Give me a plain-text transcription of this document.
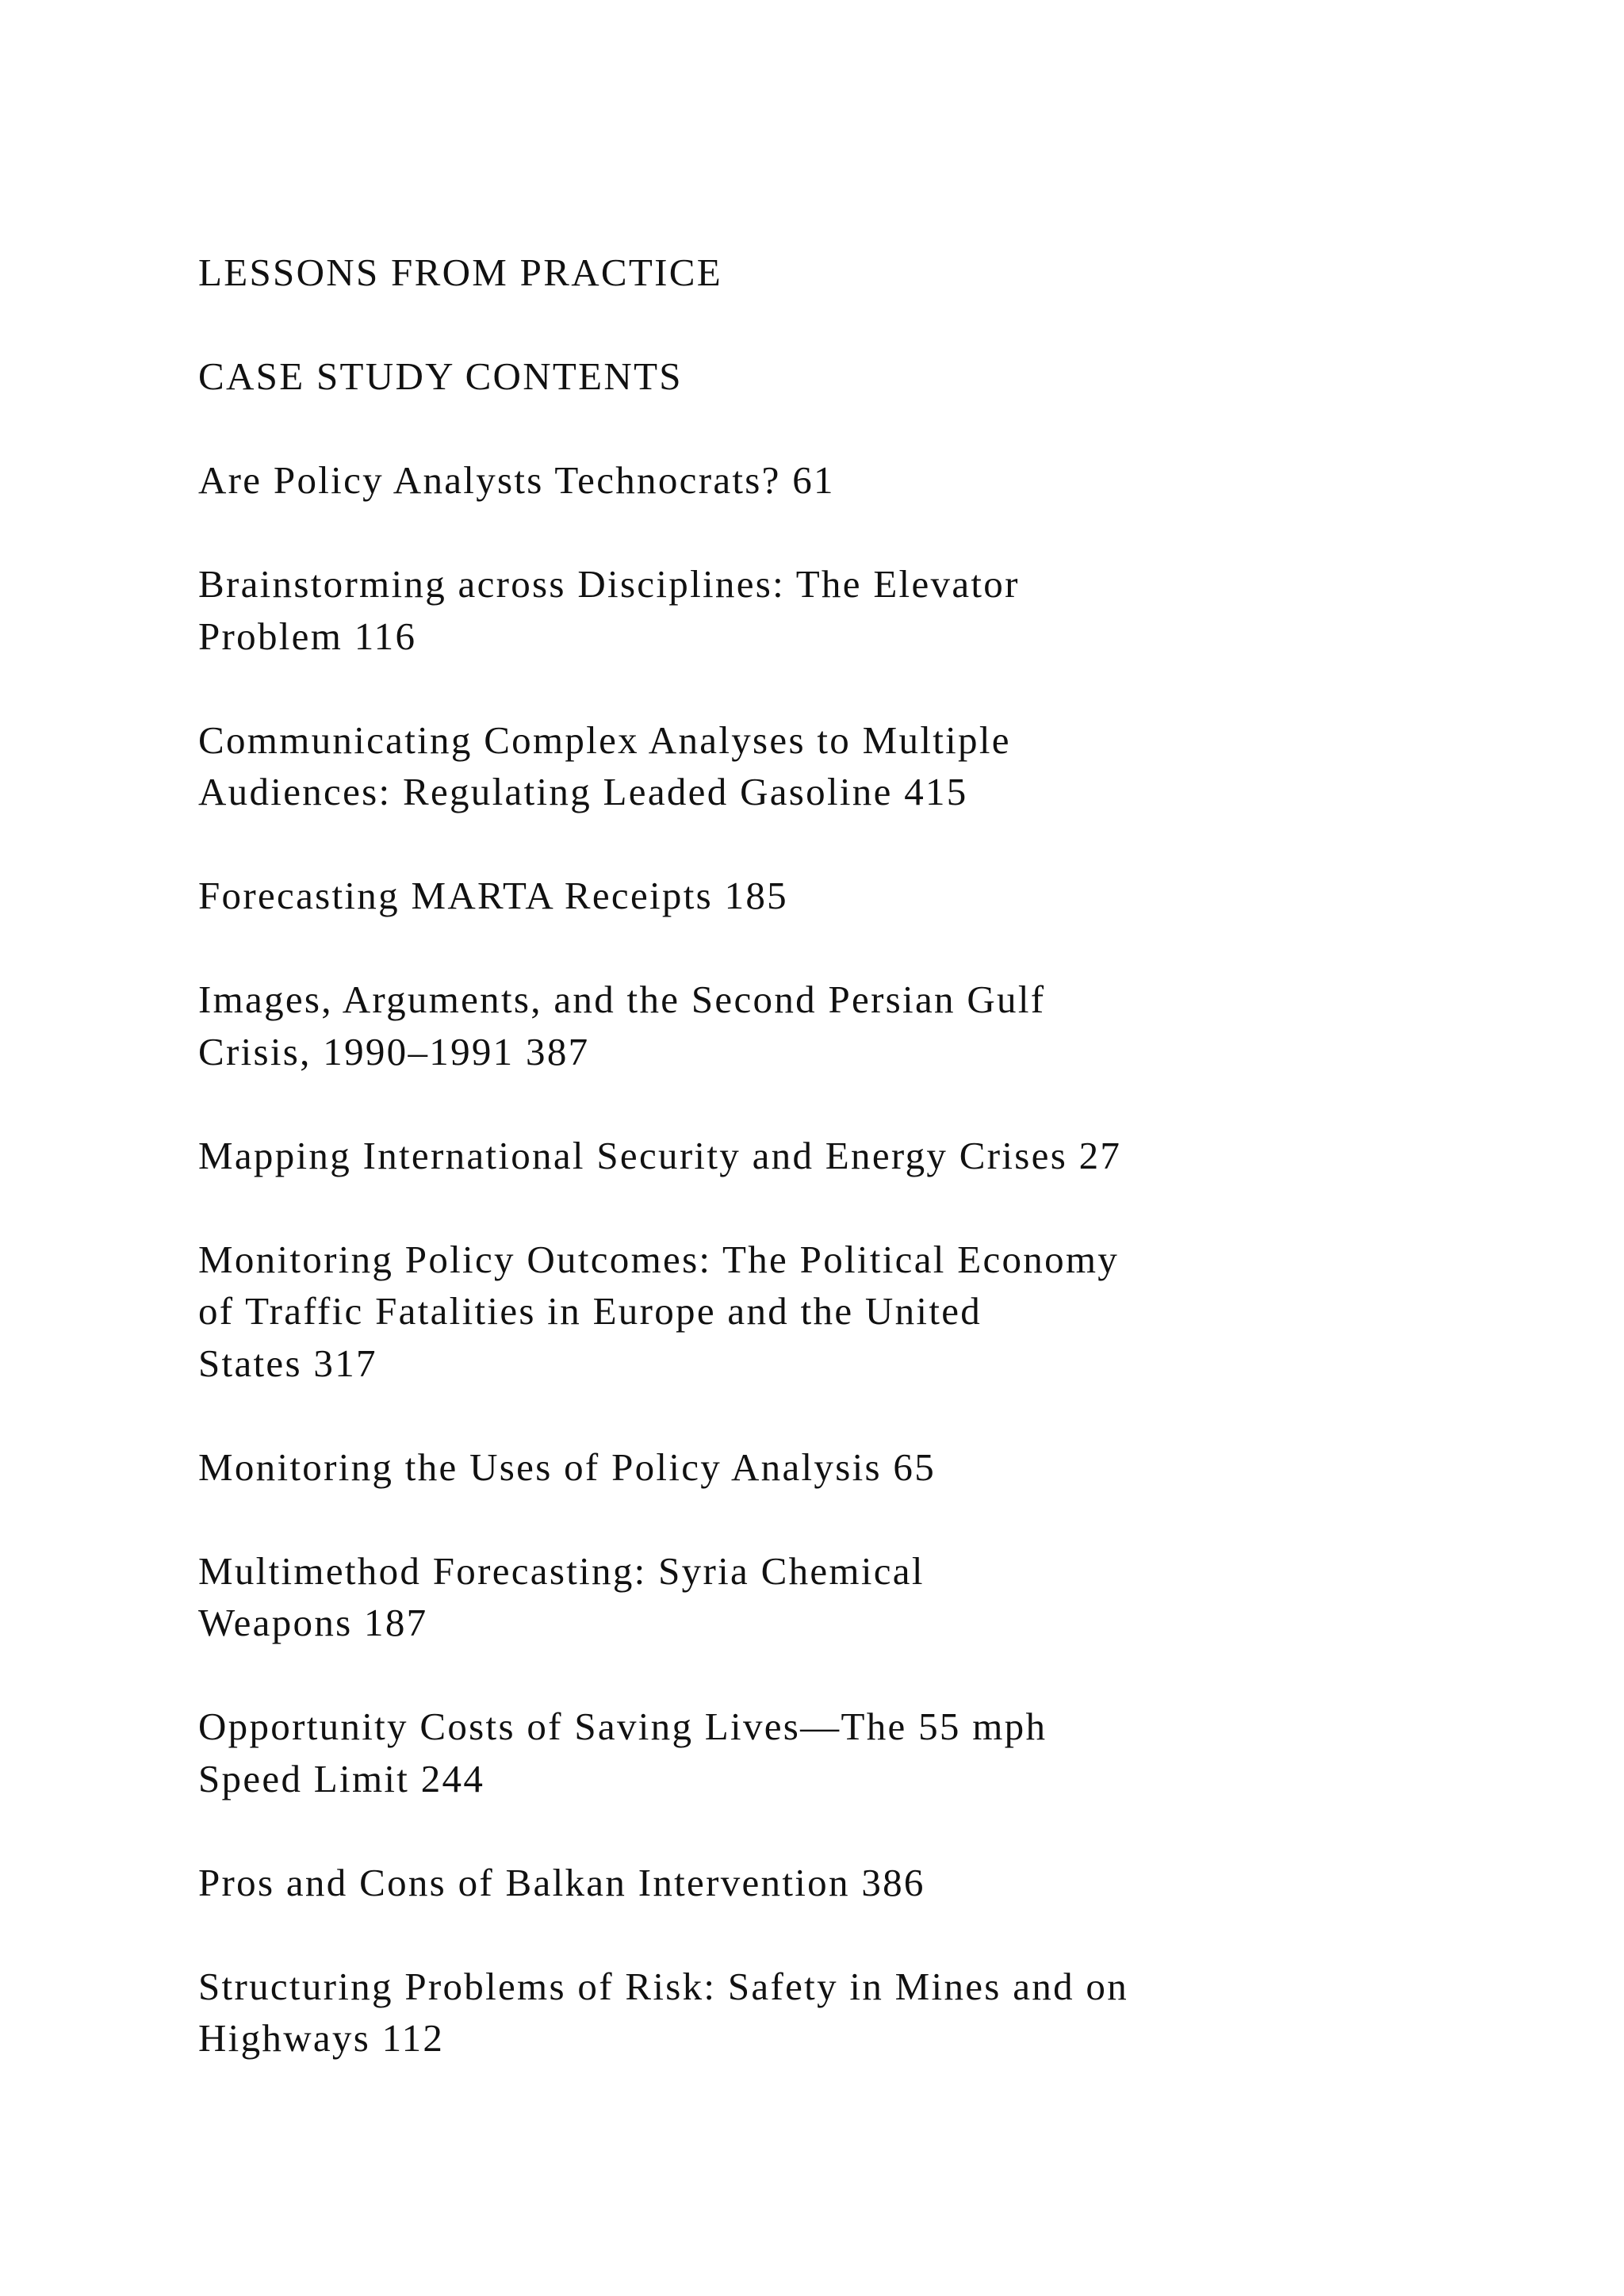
LESSONS FROM PRACTICE
CASE STUDY CONTENTS
Are Policy Analysts Technocrats? 61
Brainstorming across Disciplines: The Elevator
Problem 116
Communicating Complex Analyses to Multiple
Audiences: Regulating Leaded Gasoline 415
Forecasting MARTA Receipts 185
Images, Arguments, and the Second Persian Gulf
Crisis, 1990–1991 387
Mapping International Security and Energy Crises 27
Monitoring Policy Outcomes: The Political Economy
of Traffic Fatalities in Europe and the United
States 317
Monitoring the Uses of Policy Analysis 65
Multimethod Forecasting: Syria Chemical
Weapons 187
Opportunity Costs of Saving Lives—The 55 mph
Speed Limit 244
Pros and Cons of Balkan Intervention 386
Structuring Problems of Risk: Safety in Mines and on
Highways 112
